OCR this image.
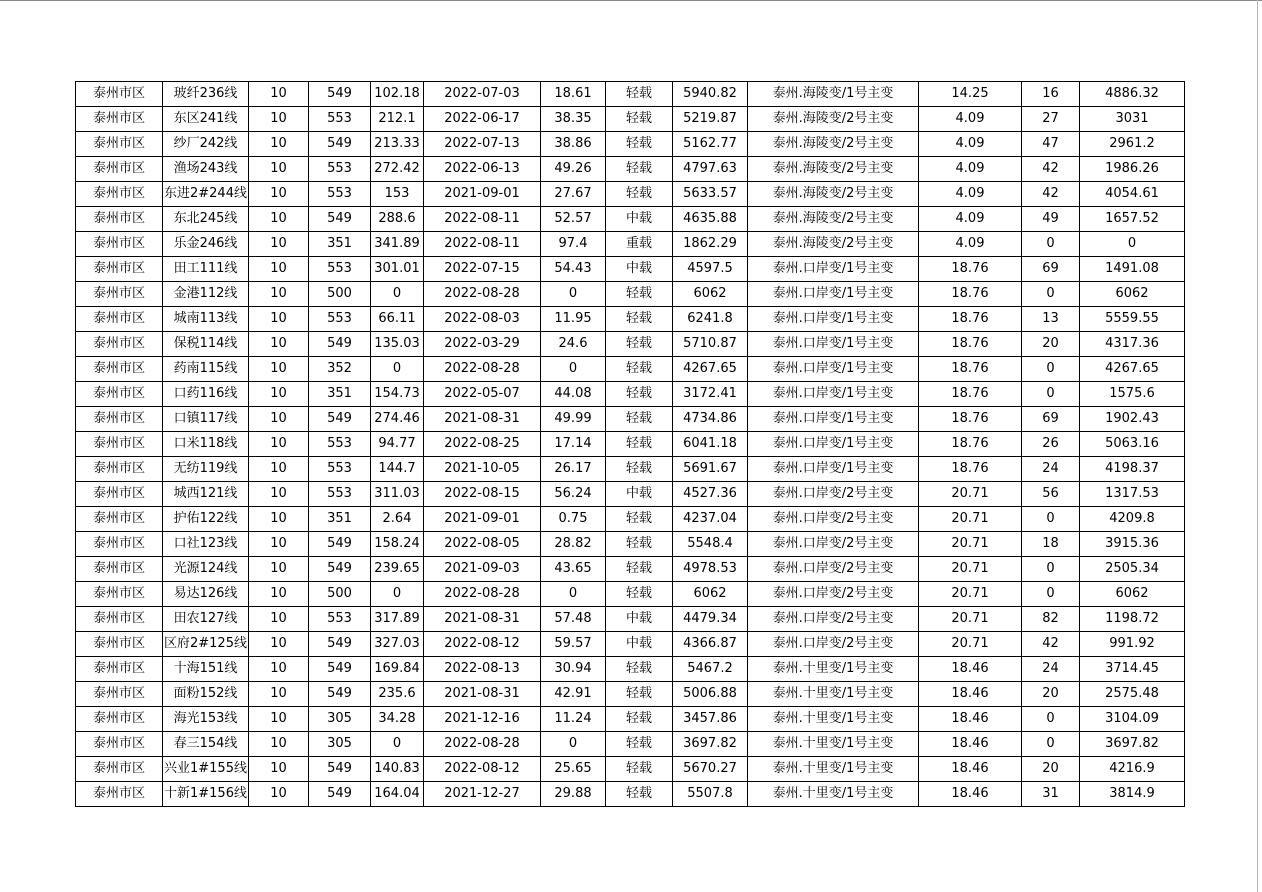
泰州市区	玻纤236线	10	549	102.18	2022-07-03	18.61	轻载	5940.82	泰州.海陵变/1号主变	14.25	16	4886.32
泰州市区	东区241线	10	553	212.1	2022-06-17	38.35	轻载	5219.87	泰州.海陵变/2号主变	4.09	27	3031
泰州市区	纱厂242线	10	549	213.33	2022-07-13	38.86	轻载	5162.77	泰州.海陵变/2号主变	4.09	47	2961.2
泰州市区	渔场243线	10	553	272.42	2022-06-13	49.26	轻载	4797.63	泰州.海陵变/2号主变	4.09	42	1986.26
泰州市区	东进2#244线	10	553	153	2021-09-01	27.67	轻载	5633.57	泰州.海陵变/2号主变	4.09	42	4054.61
泰州市区	东北245线	10	549	288.6	2022-08-11	52.57	中载	4635.88	泰州.海陵变/2号主变	4.09	49	1657.52
泰州市区	乐金246线	10	351	341.89	2022-08-11	97.4	重载	1862.29	泰州.海陵变/2号主变	4.09	0	0
泰州市区	田工111线	10	553	301.01	2022-07-15	54.43	中载	4597.5	泰州.口岸变/1号主变	18.76	69	1491.08
泰州市区	金港112线	10	500	0	2022-08-28	0	轻载	6062	泰州.口岸变/1号主变	18.76	0	6062
泰州市区	城南113线	10	553	66.11	2022-08-03	11.95	轻载	6241.8	泰州.口岸变/1号主变	18.76	13	5559.55
泰州市区	保税114线	10	549	135.03	2022-03-29	24.6	轻载	5710.87	泰州.口岸变/1号主变	18.76	20	4317.36
泰州市区	药南115线	10	352	0	2022-08-28	0	轻载	4267.65	泰州.口岸变/1号主变	18.76	0	4267.65
泰州市区	口药116线	10	351	154.73	2022-05-07	44.08	轻载	3172.41	泰州.口岸变/1号主变	18.76	0	1575.6
泰州市区	口镇117线	10	549	274.46	2021-08-31	49.99	轻载	4734.86	泰州.口岸变/1号主变	18.76	69	1902.43
泰州市区	口米118线	10	553	94.77	2022-08-25	17.14	轻载	6041.18	泰州.口岸变/1号主变	18.76	26	5063.16
泰州市区	无纺119线	10	553	144.7	2021-10-05	26.17	轻载	5691.67	泰州.口岸变/1号主变	18.76	24	4198.37
泰州市区	城西121线	10	553	311.03	2022-08-15	56.24	中载	4527.36	泰州.口岸变/2号主变	20.71	56	1317.53
泰州市区	护佑122线	10	351	2.64	2021-09-01	0.75	轻载	4237.04	泰州.口岸变/2号主变	20.71	0	4209.8
泰州市区	口社123线	10	549	158.24	2022-08-05	28.82	轻载	5548.4	泰州.口岸变/2号主变	20.71	18	3915.36
泰州市区	光源124线	10	549	239.65	2021-09-03	43.65	轻载	4978.53	泰州.口岸变/2号主变	20.71	0	2505.34
泰州市区	易达126线	10	500	0	2022-08-28	0	轻载	6062	泰州.口岸变/2号主变	20.71	0	6062
泰州市区	田农127线	10	553	317.89	2021-08-31	57.48	中载	4479.34	泰州.口岸变/2号主变	20.71	82	1198.72
泰州市区	区府2#125线	10	549	327.03	2022-08-12	59.57	中载	4366.87	泰州.口岸变/2号主变	20.71	42	991.92
泰州市区	十海151线	10	549	169.84	2022-08-13	30.94	轻载	5467.2	泰州.十里变/1号主变	18.46	24	3714.45
泰州市区	面粉152线	10	549	235.6	2021-08-31	42.91	轻载	5006.88	泰州.十里变/1号主变	18.46	20	2575.48
泰州市区	海光153线	10	305	34.28	2021-12-16	11.24	轻载	3457.86	泰州.十里变/1号主变	18.46	0	3104.09
泰州市区	春三154线	10	305	0	2022-08-28	0	轻载	3697.82	泰州.十里变/1号主变	18.46	0	3697.82
泰州市区	兴业1#155线	10	549	140.83	2022-08-12	25.65	轻载	5670.27	泰州.十里变/1号主变	18.46	20	4216.9
泰州市区	十新1#156线	10	549	164.04	2021-12-27	29.88	轻载	5507.8	泰州.十里变/1号主变	18.46	31	3814.9
